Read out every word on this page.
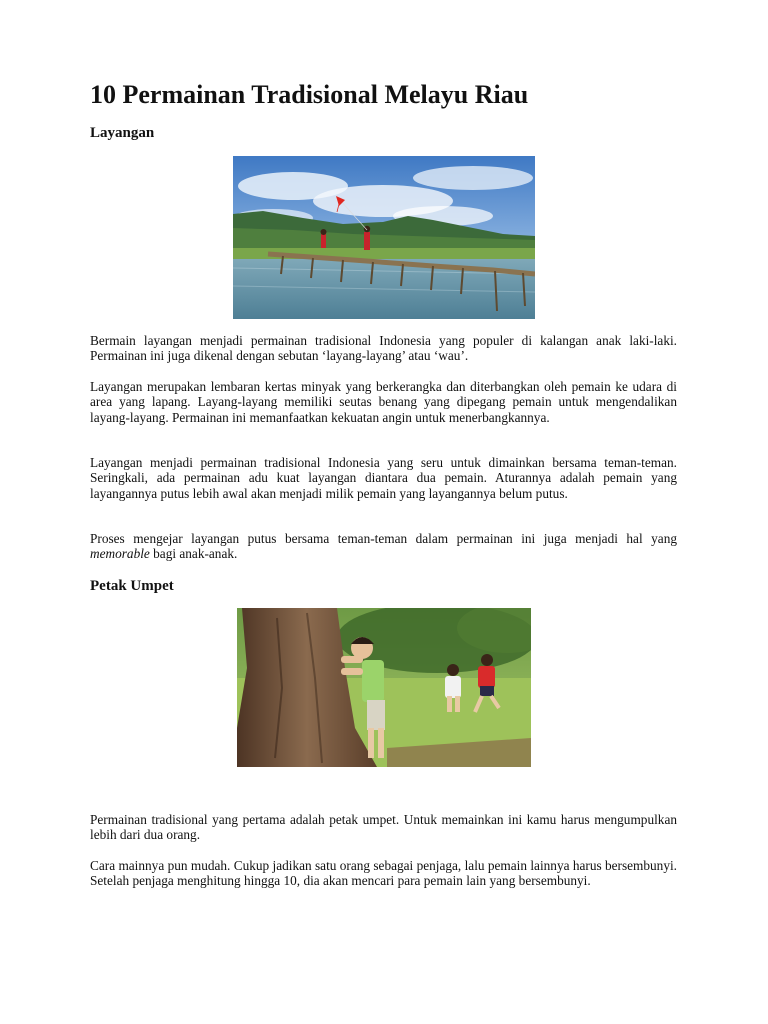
10 Permainan Tradisional Melayu Riau
Layangan

Bermain layangan menjadi permainan tradisional Indonesia yang populer di kalangan anak laki-laki. Permainan ini juga dikenal dengan sebutan ‘layang-layang’ atau ‘wau’.

Layangan merupakan lembaran kertas minyak yang berkerangka dan diterbangkan oleh pemain ke udara di area yang lapang. Layang-layang memiliki seutas benang yang dipegang pemain untuk mengendalikan layang-layang. Permainan ini memanfaatkan kekuatan angin untuk menerbangkannya.

Layangan menjadi permainan tradisional Indonesia yang seru untuk dimainkan bersama teman-teman. Seringkali, ada permainan adu kuat layangan diantara dua pemain. Aturannya adalah pemain yang layangannya putus lebih awal akan menjadi milik pemain yang layangannya belum putus.

Proses mengejar layangan putus bersama teman-teman dalam permainan ini juga menjadi hal yang memorable bagi anak-anak.

Petak Umpet

Permainan tradisional yang pertama adalah petak umpet. Untuk memainkan ini kamu harus mengumpulkan lebih dari dua orang.

Cara mainnya pun mudah. Cukup jadikan satu orang sebagai penjaga, lalu pemain lainnya harus bersembunyi. Setelah penjaga menghitung hingga 10, dia akan mencari para pemain lain yang bersembunyi.
